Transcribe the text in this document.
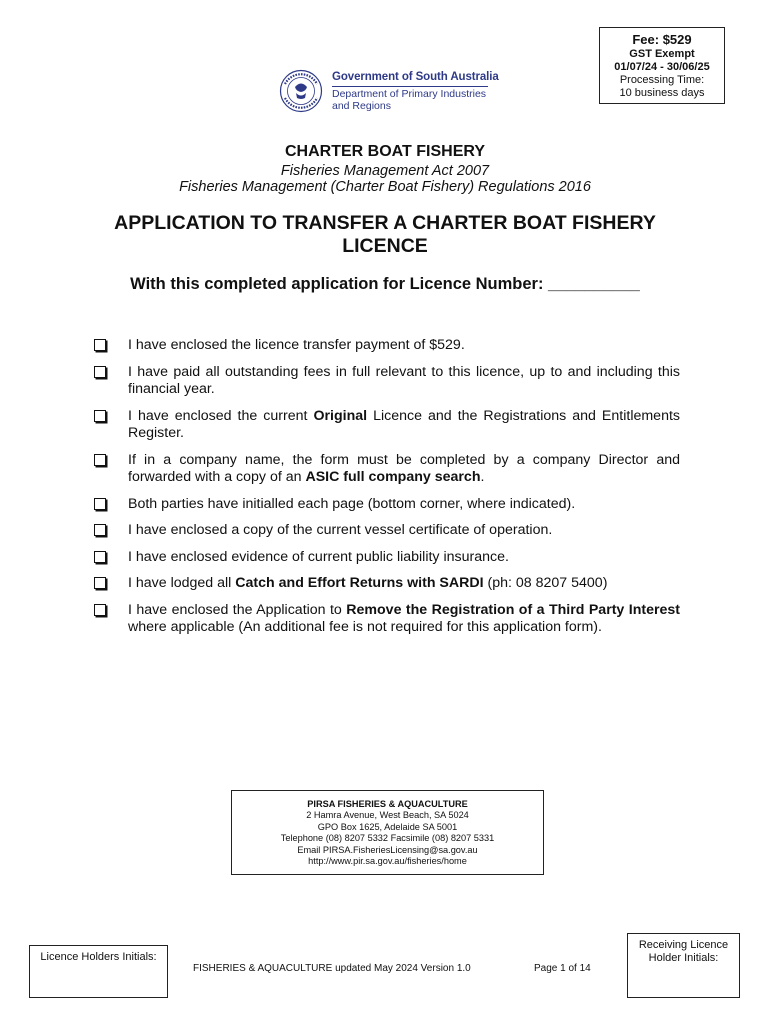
Fee: $529
GST Exempt
01/07/24 - 30/06/25
Processing Time:
10 business days
Government of South Australia
Department of Primary Industries
and Regions
CHARTER BOAT FISHERY
Fisheries Management Act 2007
Fisheries Management (Charter Boat Fishery) Regulations 2016
APPLICATION TO TRANSFER A CHARTER BOAT FISHERY LICENCE
With this completed application for Licence Number: __________
I have enclosed the licence transfer payment of $529.
I have paid all outstanding fees in full relevant to this licence, up to and including this financial year.
I have enclosed the current Original Licence and the Registrations and Entitlements Register.
If in a company name, the form must be completed by a company Director and forwarded with a copy of an ASIC full company search.
Both parties have initialled each page (bottom corner, where indicated).
I have enclosed a copy of the current vessel certificate of operation.
I have enclosed evidence of current public liability insurance.
I have lodged all Catch and Effort Returns with SARDI (ph: 08 8207 5400)
I have enclosed the Application to Remove the Registration of a Third Party Interest where applicable (An additional fee is not required for this application form).
PIRSA FISHERIES & AQUACULTURE
2 Hamra Avenue, West Beach, SA 5024
GPO Box 1625, Adelaide SA 5001
Telephone (08) 8207 5332 Facsimile (08) 8207 5331
Email PIRSA.FisheriesLicensing@sa.gov.au
http://www.pir.sa.gov.au/fisheries/home
Licence Holders Initials:
FISHERIES & AQUACULTURE updated May 2024 Version 1.0	Page 1 of 14
Receiving Licence
Holder Initials:
